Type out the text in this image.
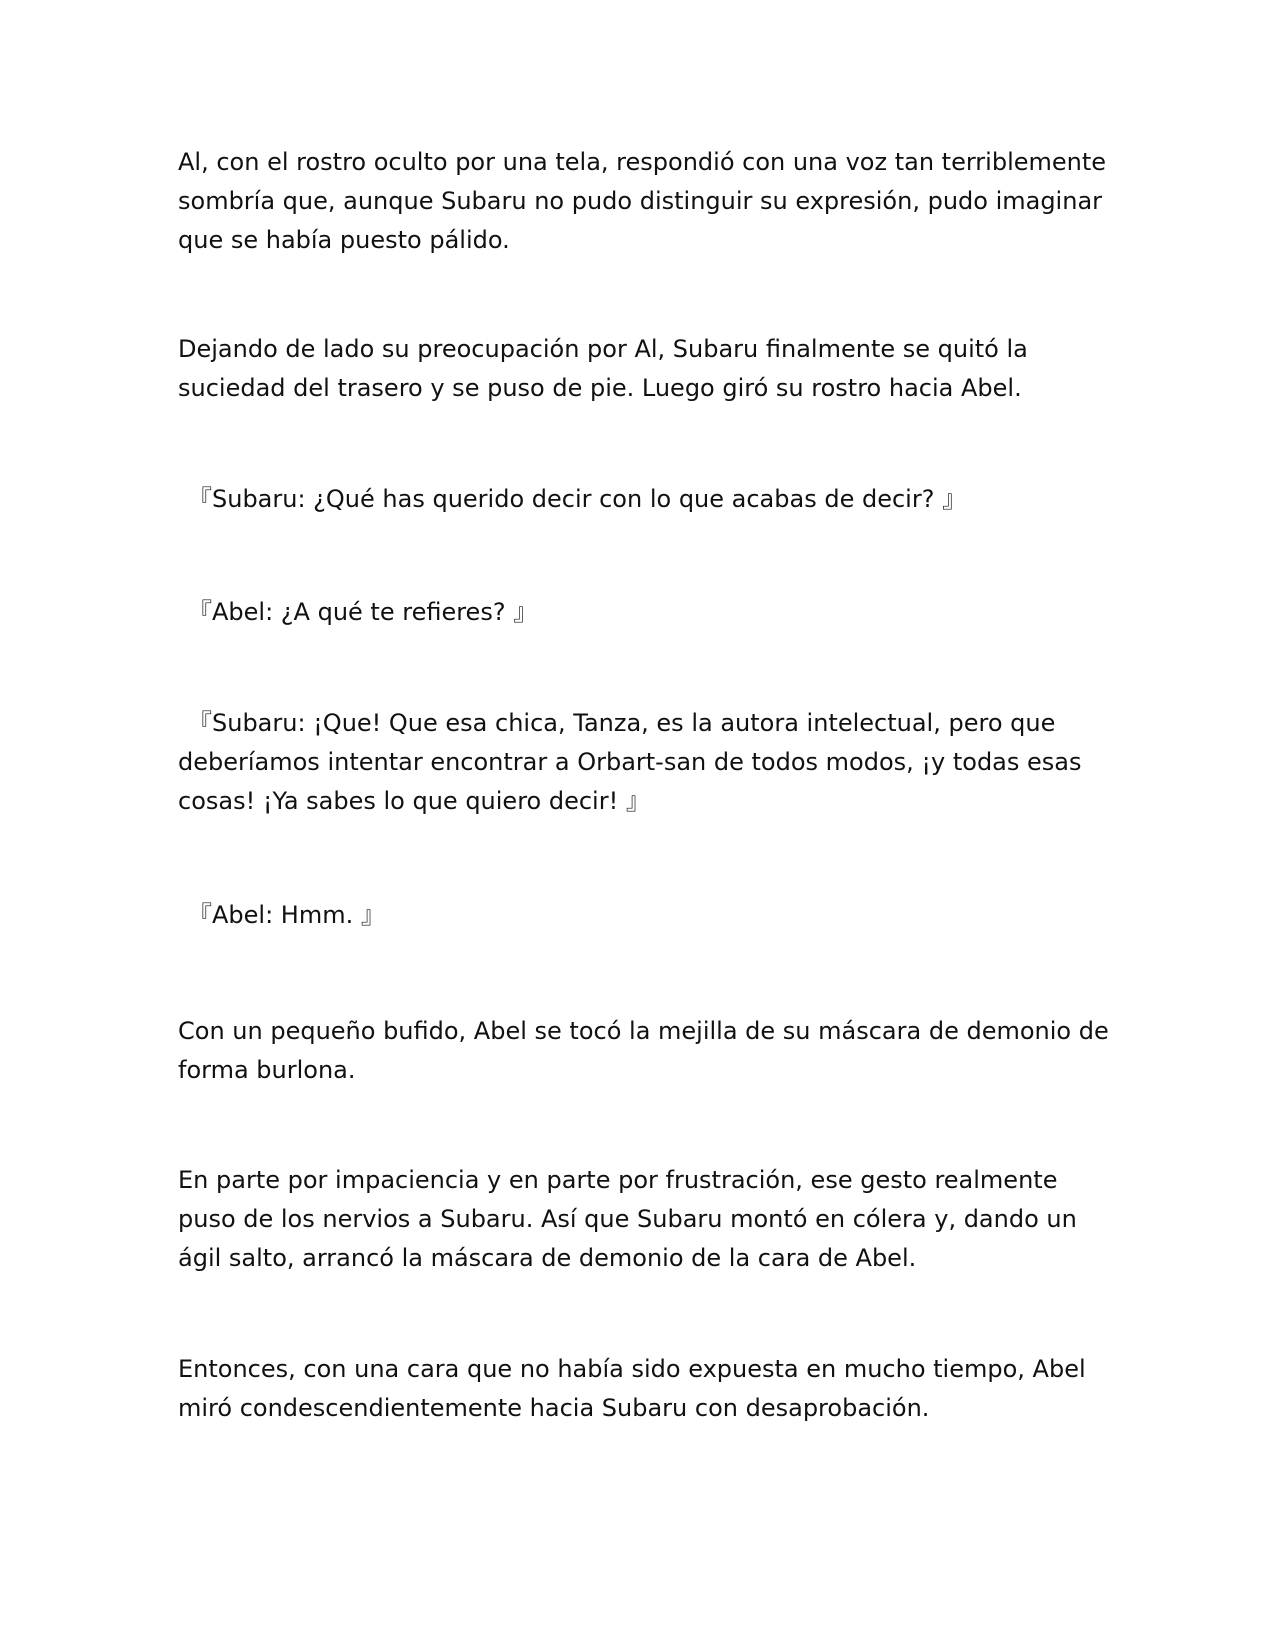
Al, con el rostro oculto por una tela, respondió con una voz tan terriblemente
sombría que, aunque Subaru no pudo distinguir su expresión, pudo imaginar
que se había puesto pálido.

Dejando de lado su preocupación por Al, Subaru finalmente se quitó la
suciedad del trasero y se puso de pie. Luego giró su rostro hacia Abel.

『Subaru: ¿Qué has querido decir con lo que acabas de decir? 』

『Abel: ¿A qué te refieres? 』

『Subaru: ¡Que! Que esa chica, Tanza, es la autora intelectual, pero que
deberíamos intentar encontrar a Orbart-san de todos modos, ¡y todas esas
cosas! ¡Ya sabes lo que quiero decir! 』

『Abel: Hmm. 』

Con un pequeño bufido, Abel se tocó la mejilla de su máscara de demonio de
forma burlona.

En parte por impaciencia y en parte por frustración, ese gesto realmente
puso de los nervios a Subaru. Así que Subaru montó en cólera y, dando un
ágil salto, arrancó la máscara de demonio de la cara de Abel.

Entonces, con una cara que no había sido expuesta en mucho tiempo, Abel
miró condescendientemente hacia Subaru con desaprobación.
